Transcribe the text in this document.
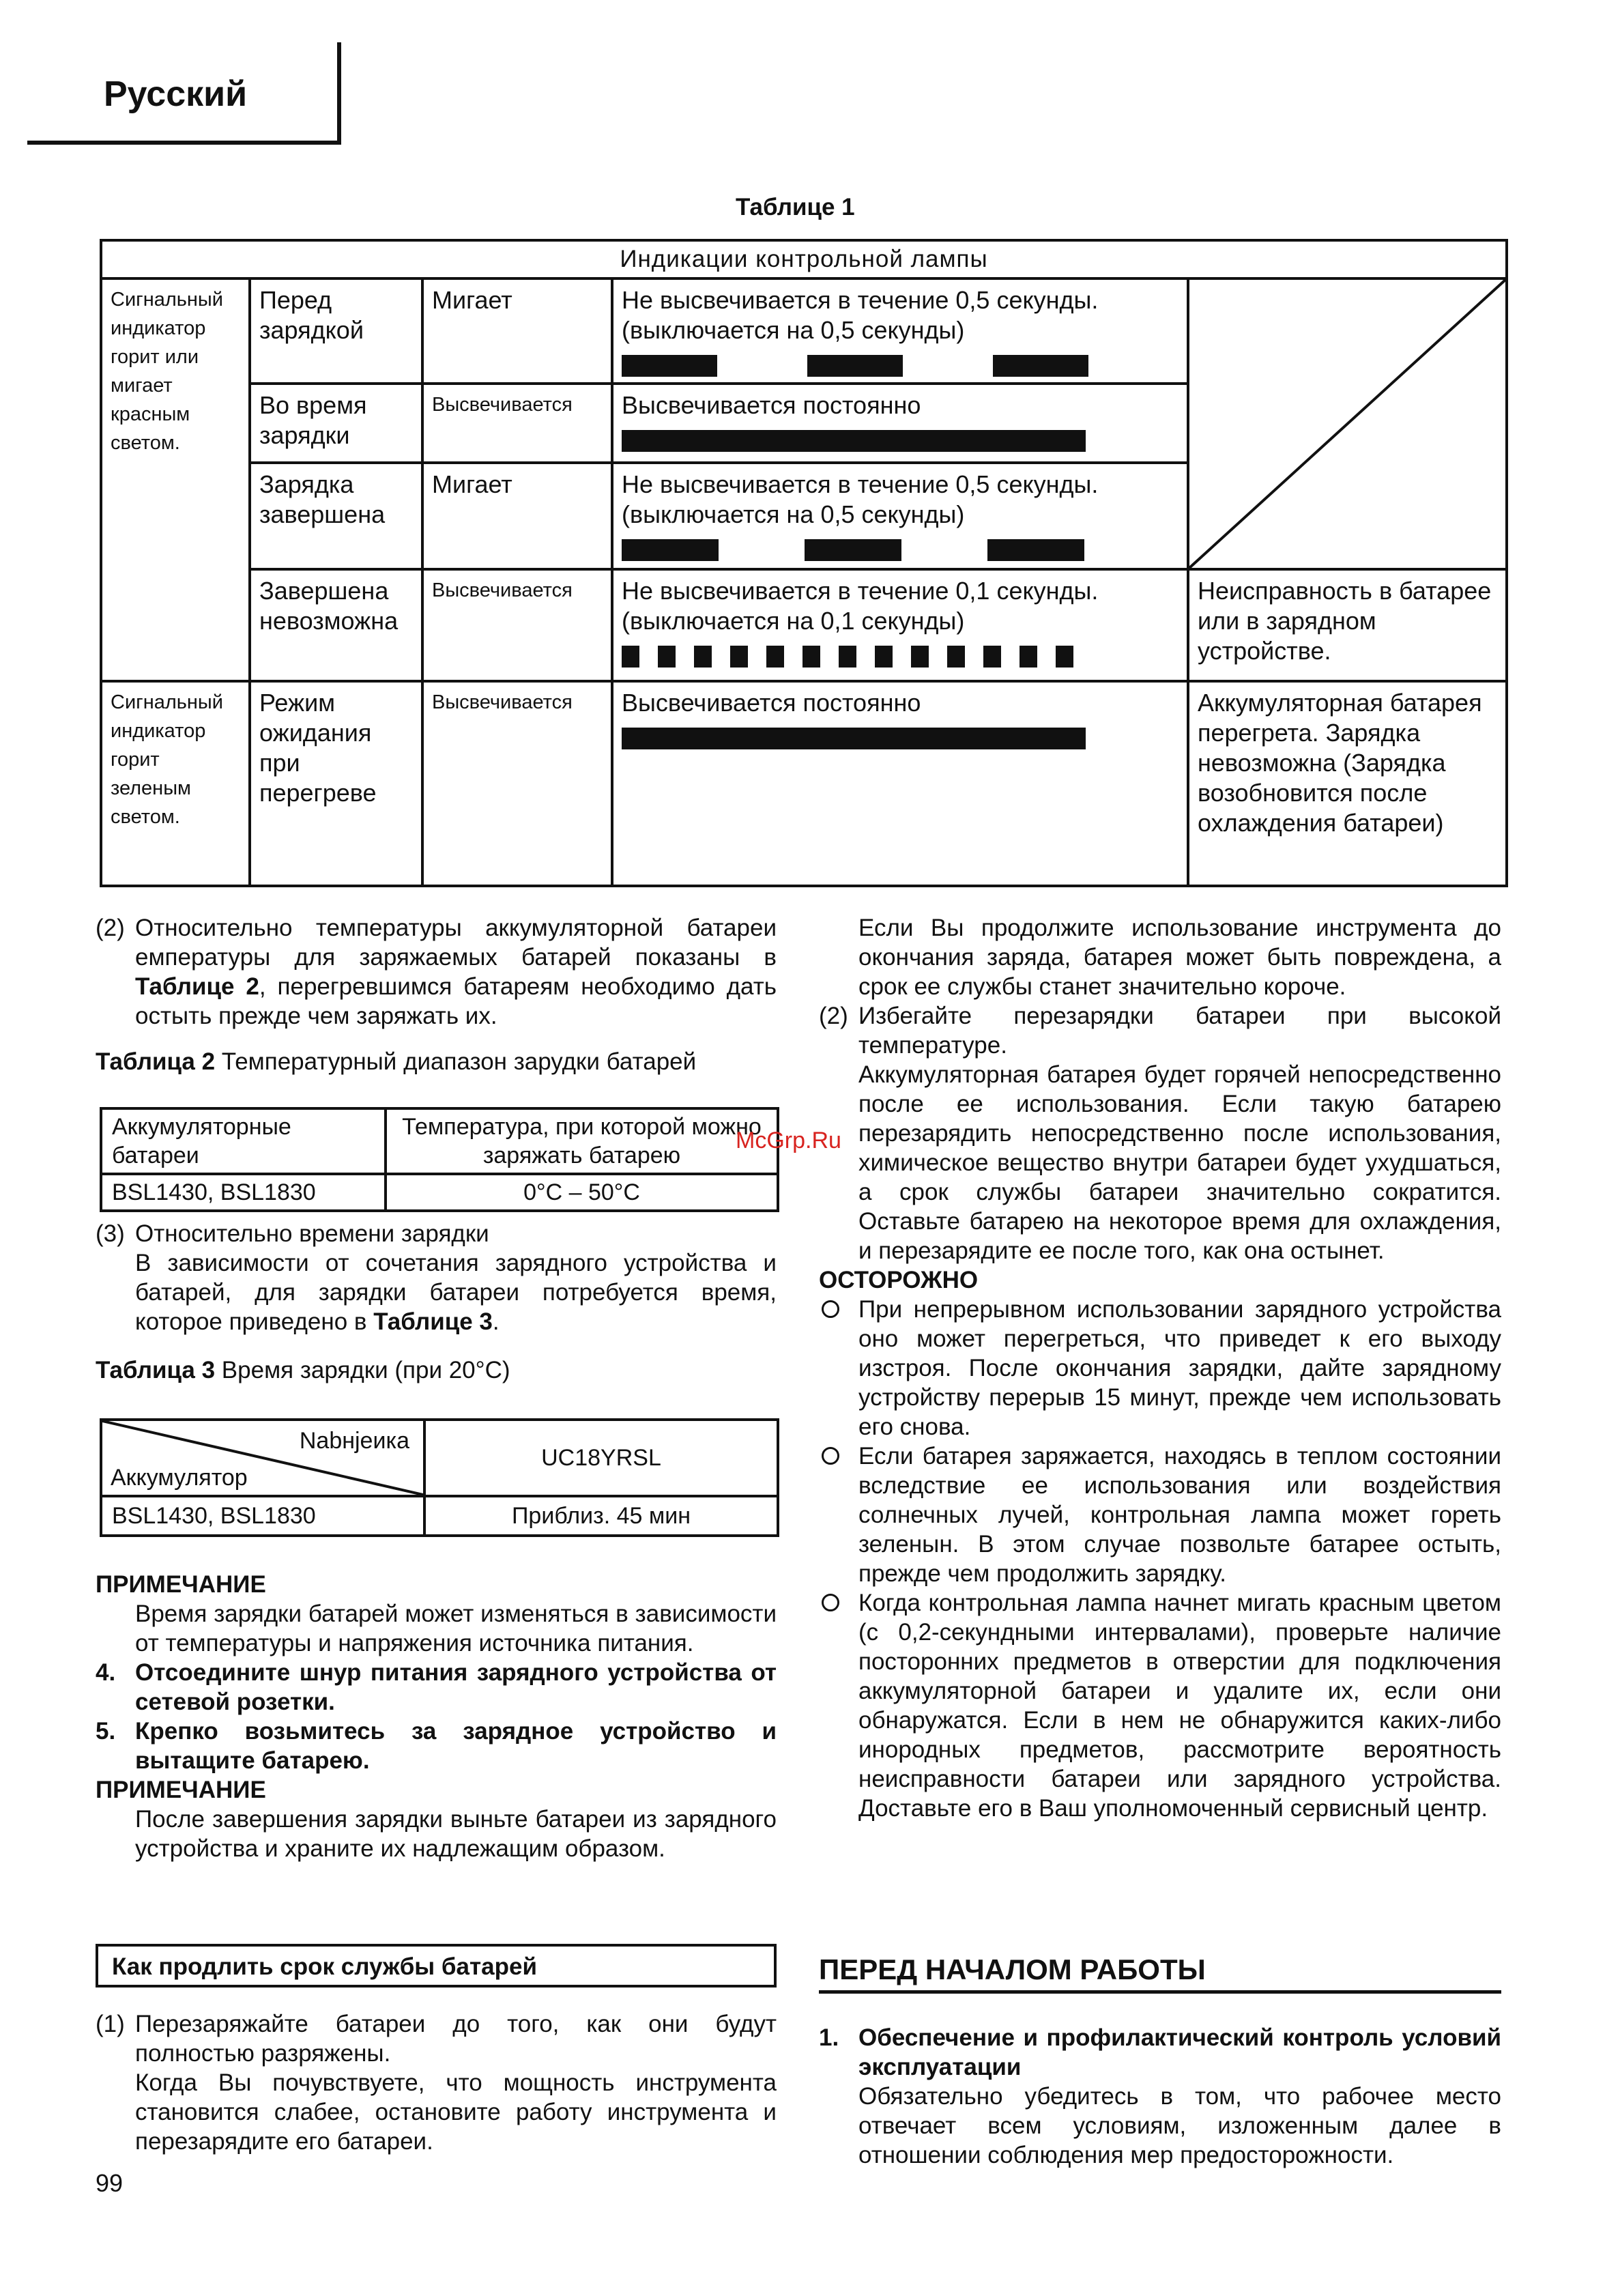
Русский
Таблице 1
Индикации контрольной лампы				
Сигнальный индикатор горит или мигает красным светом.	Перед зарядкой	Мигает	Не высвечивается в течение 0,5 секунды. (выключается на 0,5 секунды)

	Во время зарядки	Высвечивается	Высвечивается постоянно	

	Зарядка завершена	Мигает	Не высвечивается в течение 0,5 секунды. (выключается на 0,5 секунды)	

	Завершена невозможна	Высвечивается	Не высвечивается в течение 0,1 секунды. (выключается на 0,1 секунды)	Неисправность в батарее или в зарядном устройстве.
Сигнальный индикатор горит зеленым светом.	Режим ожидания при перегреве	Высвечивается	Высвечивается постоянно	Аккумуляторная батарея перегрета. Зарядка невозможна (Зарядка возобновится после охлаждения батареи)
(2) Относительно температуры аккумуляторной батареи емпературы для заряжаемых батарей показаны в Таблице 2, перегревшимся батареям необходимо дать остыть прежде чем заряжать их.

Таблица 2 Температурный диапазон зарудки батарей

Аккумуляторные батареи	Температура, при которой можно заряжать батарею
BSL1430, BSL1830	0°C – 50°C
McGrp.Ru
(3) Относительно времени зарядки

В зависимости от сочетания зарядного устройства и батарей, для зарядки батареи потребуется время, которое приведено в Таблице 3.

Таблица 3 Время зарядки (при 20°C)

Nаbнjeика
Аккумулятор	UC18YRSL
BSL1430, BSL1830	Приблиз. 45 мин

ПРИМЕЧАНИЕ

Время зарядки батарей может изменяться в зависимости от температуры и напряжения источника питания.

4. Отсоедините шнур питания зарядного устройства от сетевой розетки.
5. Крепко возьмитесь за зарядное устройство и вытащите батарею.

ПРИМЕЧАНИЕ

После завершения зарядки выньте батареи из зарядного устройства и храните их надлежащим образом.

Как продлить срок службы батарей
(1) Перезаряжайте батареи до того, как они будут полностью разряжены.

Когда Вы почувствуете, что мощность инструмента становится слабее, остановите работу инструмента и перезарядите его батареи.

99

Если Вы продолжите использование инструмента до окончания заряда, батарея может быть повреждена, а срок ее службы станет значительно короче.

(2) Избегайте перезарядки батареи при высокой температуре.

Аккумуляторная батарея будет горячей непосредственно после ее использования. Если такую батарею перезарядить непосредственно после использования, химическое вещество внутри батареи будет ухудшаться, а срок службы батареи значительно сократится. Оставьте батарею на некоторое время для охлаждения, и перезарядите ее после того, как она остынет.

ОСТОРОЖНО

При непрерывном использовании зарядного устройства оно может перегреться, что приведет к его выходу изстроя. После окончания зарядки, дайте зарядному устройству перерыв 15 минут, прежде чем использовать его снова.
Если батарея заряжается, находясь в теплом состоянии вследствие ее использования или воздействия солнечных лучей, контрольная лампа может гореть зеленын. В этом случае позвольте батарее остыть, прежде чем продолжить зарядку.
Когда контрольная лампа начнет мигать красным цветом (с 0,2-секундными интервалами), проверьте наличие посторонних предметов в отверстии для подключения аккумуляторной батареи и удалите их, если они обнаружатся. Если в нем не обнаружится каких-либо инородных предметов, рассмотрите вероятность неисправности батареи или зарядного устройства. Доставьте его в Ваш уполномоченный сервисный центр.
ПЕРЕД НАЧАЛОМ РАБОТЫ
1. Обеспечение и профилактический контроль условий эксплуатации

Обязательно убедитесь в том, что рабочее место отвечает всем условиям, изложенным далее в отношении соблюдения мер предосторожности.
